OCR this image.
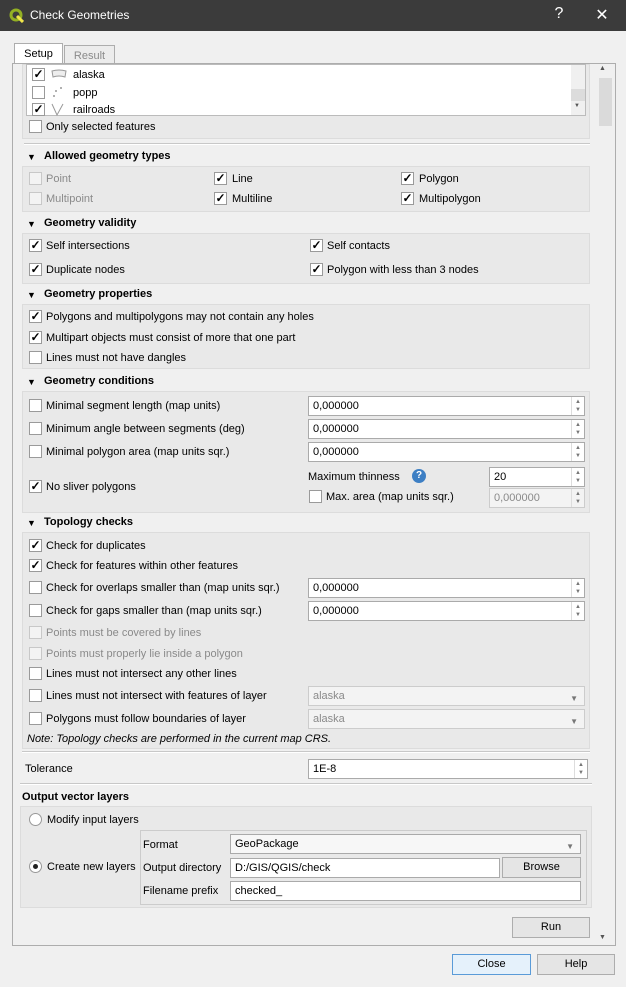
Check Geometries	?	✕
Setup	Result
▲
▼
▼
✓	alaska
popp
✓	railroads
Only selected features
▼ Allowed geometry types
Point	✓ Line	✓ Polygon
Multipoint	✓ Multiline	✓ Multipolygon
▼ Geometry validity
✓ Self intersections	✓ Self contacts
✓ Duplicate nodes	✓ Polygon with less than 3 nodes
▼ Geometry properties
✓ Polygons and multipolygons may not contain any holes
✓ Multipart objects must consist of more that one part
Lines must not have dangles
▼ Geometry conditions
Minimal segment length (map units)	0,000000	▲
▼
Minimum angle between segments (deg)	0,000000	▲
▼
Minimal polygon area (map units sqr.)	0,000000	▲
▼
✓ No sliver polygons
Maximum thinness	?	20	▲
▼
Max. area (map units sqr.)	0,000000	▲
▼
▼ Topology checks
✓ Check for duplicates
✓ Check for features within other features
Check for overlaps smaller than (map units sqr.)	0,000000	▲
▼
Check for gaps smaller than (map units sqr.)	0,000000	▲
▼
Points must be covered by lines
Points must properly lie inside a polygon
Lines must not intersect any other lines
Lines must not intersect with features of layer	alaska	▼
Polygons must follow boundaries of layer	alaska	▼
Note: Topology checks are performed in the current map CRS.
Tolerance	1E-8	▲
▼
Output vector layers
Modify input layers
Create new layers
Format	GeoPackage	▼
Output directory	D:/GIS/QGIS/check	Browse
Filename prefix	checked_
Run
Close	Help
